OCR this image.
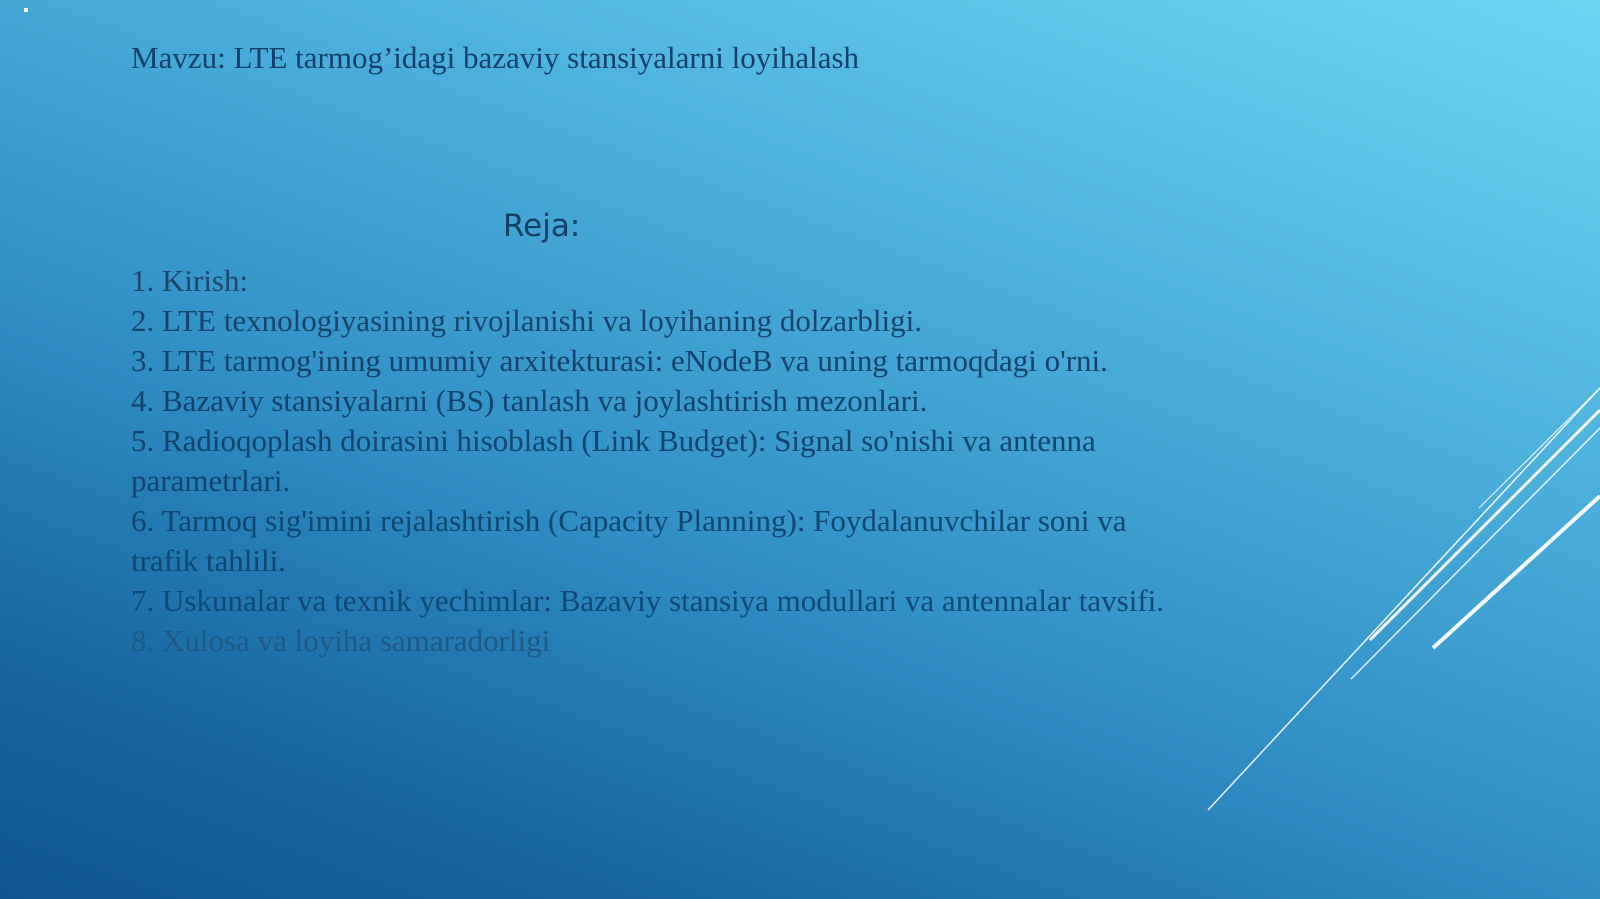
Mavzu: LTE tarmog’idagi bazaviy stansiyalarni loyihalash
Reja:
1. Kirish:
2. LTE texnologiyasining rivojlanishi va loyihaning dolzarbligi.
3. LTE tarmog'ining umumiy arxitekturasi: eNodeB va uning tarmoqdagi o'rni.
4. Bazaviy stansiyalarni (BS) tanlash va joylashtirish mezonlari.
5. Radioqoplash doirasini hisoblash (Link Budget): Signal so'nishi va antenna parametrlari.
6. Tarmoq sig'imini rejalashtirish (Capacity Planning): Foydalanuvchilar soni va trafik tahlili.
7. Uskunalar va texnik yechimlar: Bazaviy stansiya modullari va antennalar tavsifi.
8. Xulosa va loyiha samaradorligi
